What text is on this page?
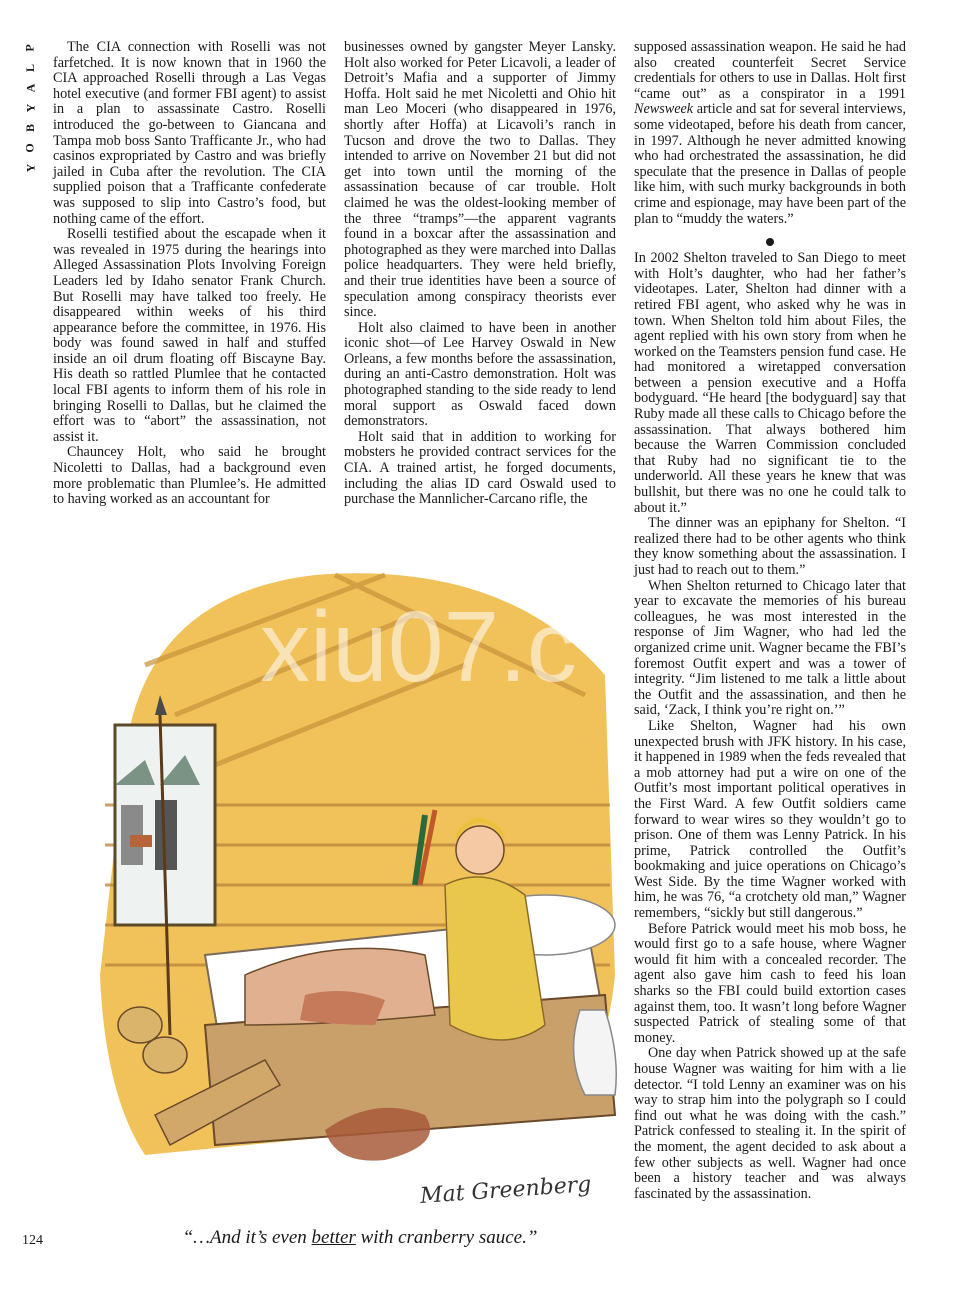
P
L
A
Y
B
O
Y

The CIA connection with Roselli was not farfetched. It is now known that in 1960 the CIA approached Roselli through a Las Vegas hotel executive (and former FBI agent) to assist in a plan to assassinate Castro. Roselli introduced the go-between to Giancana and Tampa mob boss Santo Trafficante Jr., who had casinos expropriated by Castro and was briefly jailed in Cuba after the revolution. The CIA supplied poison that a Trafficante confederate was supposed to slip into Castro’s food, but nothing came of the effort.

Roselli testified about the escapade when it was revealed in 1975 during the hearings into Alleged Assassination Plots Involving Foreign Leaders led by Idaho senator Frank Church. But Roselli may have talked too freely. He disappeared within weeks of his third appearance before the committee, in 1976. His body was found sawed in half and stuffed inside an oil drum floating off Biscayne Bay. His death so rattled Plumlee that he contacted local FBI agents to inform them of his role in bringing Roselli to Dallas, but he claimed the effort was to “abort” the assassination, not assist it.

Chauncey Holt, who said he brought Nicoletti to Dallas, had a background even more problematic than Plumlee’s. He admitted to having worked as an accountant for

businesses owned by gangster Meyer Lansky. Holt also worked for Peter Licavoli, a leader of Detroit’s Mafia and a supporter of Jimmy Hoffa. Holt said he met Nicoletti and Ohio hit man Leo Moceri (who disappeared in 1976, shortly after Hoffa) at Licavoli’s ranch in Tucson and drove the two to Dallas. They intended to arrive on November 21 but did not get into town until the morning of the assassination because of car trouble. Holt claimed he was the oldest-looking member of the three “tramps”—the apparent vagrants found in a boxcar after the assassination and photographed as they were marched into Dallas police headquarters. They were held briefly, and their true identities have been a source of speculation among conspiracy theorists ever since.

Holt also claimed to have been in another iconic shot—of Lee Harvey Oswald in New Orleans, a few months before the assassination, during an anti-Castro demonstration. Holt was photographed standing to the side ready to lend moral support as Oswald faced down demonstrators.

Holt said that in addition to working for mobsters he provided contract services for the CIA. A trained artist, he forged documents, including the alias ID card Oswald used to purchase the Mannlicher-Carcano rifle, the

supposed assassination weapon. He said he had also created counterfeit Secret Service credentials for others to use in Dallas. Holt first “came out” as a conspirator in a 1991 Newsweek article and sat for several interviews, some videotaped, before his death from cancer, in 1997. Although he never admitted knowing who had orchestrated the assassination, he did speculate that the presence in Dallas of people like him, with such murky backgrounds in both crime and espionage, may have been part of the plan to “muddy the waters.”

In 2002 Shelton traveled to San Diego to meet with Holt’s daughter, who had her father’s videotapes. Later, Shelton had dinner with a retired FBI agent, who asked why he was in town. When Shelton told him about Files, the agent replied with his own story from when he worked on the Teamsters pension fund case. He had monitored a wiretapped conversation between a pension executive and a Hoffa bodyguard. “He heard [the bodyguard] say that Ruby made all these calls to Chicago before the assassination. That always bothered him because the Warren Commission concluded that Ruby had no significant tie to the underworld. All these years he knew that was bullshit, but there was no one he could talk to about it.”

The dinner was an epiphany for Shelton. “I realized there had to be other agents who think they know something about the assassination. I just had to reach out to them.”

When Shelton returned to Chicago later that year to excavate the memories of his bureau colleagues, he was most interested in the response of Jim Wagner, who had led the organized crime unit. Wagner became the FBI’s foremost Outfit expert and was a tower of integrity. “Jim listened to me talk a little about the Outfit and the assassination, and then he said, ‘Zack, I think you’re right on.’”

Like Shelton, Wagner had his own unexpected brush with JFK history. In his case, it happened in 1989 when the feds revealed that a mob attorney had put a wire on one of the Outfit’s most important political operatives in the First Ward. A few Outfit soldiers came forward to wear wires so they wouldn’t go to prison. One of them was Lenny Patrick. In his prime, Patrick controlled the Outfit’s bookmaking and juice operations on Chicago’s West Side. By the time Wagner worked with him, he was 76, “a crotchety old man,” Wagner remembers, “sickly but still dangerous.”

Before Patrick would meet his mob boss, he would first go to a safe house, where Wagner would fit him with a concealed recorder. The agent also gave him cash to feed his loan sharks so the FBI could build extortion cases against them, too. It wasn’t long before Wagner suspected Patrick of stealing some of that money.

One day when Patrick showed up at the safe house Wagner was waiting for him with a lie detector. “I told Lenny an examiner was on his way to strap him into the polygraph so I could find out what he was doing with the cash.” Patrick confessed to stealing it. In the spirit of the moment, the agent decided to ask about a few other subjects as well. Wagner had once been a history teacher and was always fascinated by the assassination.

xiu07.c
Mat Greenberg
“…And it’s even better with cranberry sauce.”
124
